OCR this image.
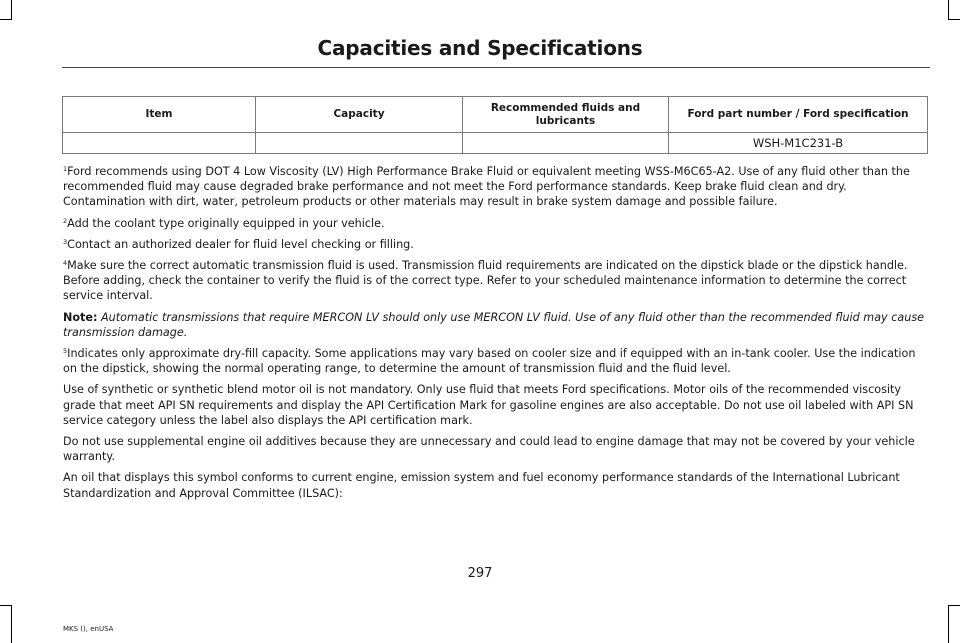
Capacities and Specifications
Item	Capacity	Recommended fluids and lubricants	Ford part number / Ford specification
			WSH-M1C231-B

$^1$Ford recommends using DOT 4 Low Viscosity (LV) High Performance Brake Fluid or equivalent meeting WSS-M6C65-A2. Use of any fluid other than the recommended fluid may cause degraded brake performance and not meet the Ford performance standards. Keep brake fluid clean and dry. Contamination with dirt, water, petroleum products or other materials may result in brake system damage and possible failure.

$^2$Add the coolant type originally equipped in your vehicle.

$^3$Contact an authorized dealer for fluid level checking or filling.

$^4$Make sure the correct automatic transmission fluid is used. Transmission fluid requirements are indicated on the dipstick blade or the dipstick handle. Before adding, check the container to verify the fluid is of the correct type. Refer to your scheduled maintenance information to determine the correct service interval.

Note: Automatic transmissions that require MERCON LV should only use MERCON LV fluid. Use of any fluid other than the recommended fluid may cause transmission damage.

$^5$Indicates only approximate dry-fill capacity. Some applications may vary based on cooler size and if equipped with an in-tank cooler. Use the indication on the dipstick, showing the normal operating range, to determine the amount of transmission fluid and the fluid level.

Use of synthetic or synthetic blend motor oil is not mandatory. Only use fluid that meets Ford specifications. Motor oils of the recommended viscosity grade that meet API SN requirements and display the API Certification Mark for gasoline engines are also acceptable. Do not use oil labeled with API SN service category unless the label also displays the API certification mark.

Do not use supplemental engine oil additives because they are unnecessary and could lead to engine damage that may not be covered by your vehicle warranty.

An oil that displays this symbol conforms to current engine, emission system and fuel economy performance standards of the International Lubricant Standardization and Approval Committee (ILSAC):

297
MKS (), enUSA
